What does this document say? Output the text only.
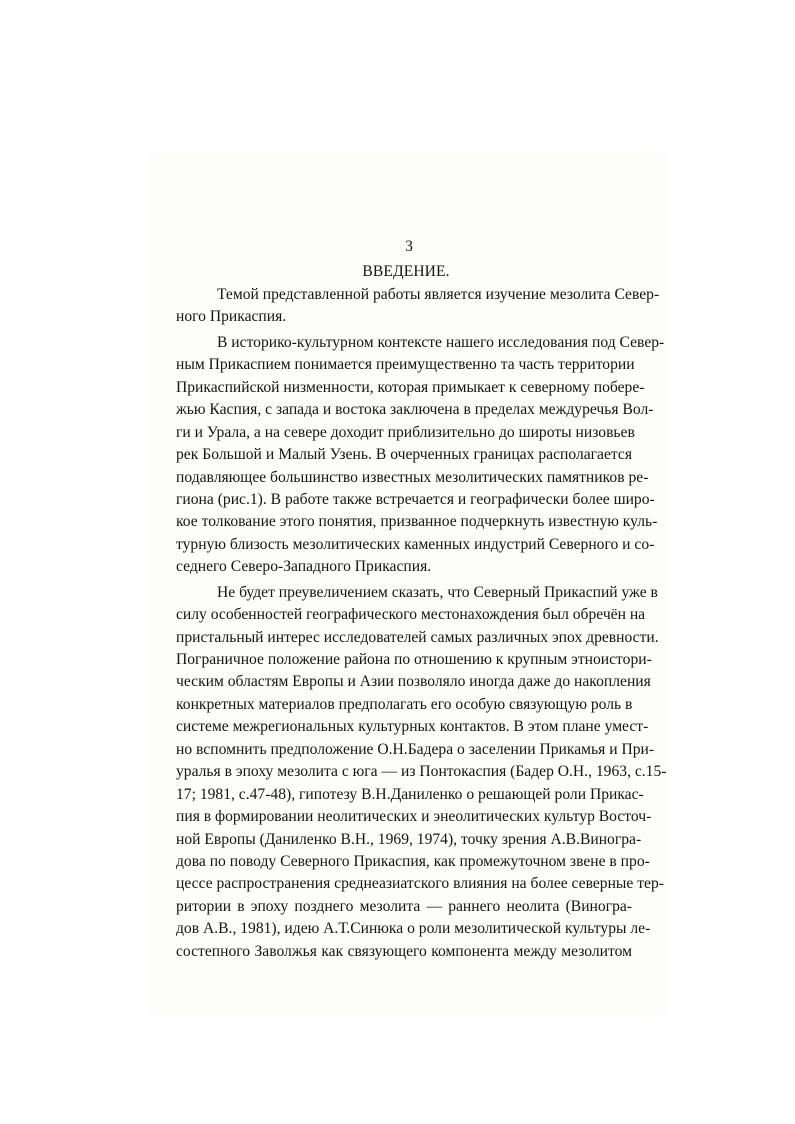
3
ВВЕДЕНИЕ.
Темой представленной работы является изучение мезолита Север-
ного Прикаспия.
В историко-культурном контексте нашего исследования под Север-
ным Прикаспием понимается преимущественно та часть территории
Прикаспийской низменности, которая примыкает к северному побере-
жью Каспия, с запада и востока заключена в пределах междуречья Вол-
ги и Урала, а на севере доходит приблизительно до широты низовьев
рек Большой и Малый Узень. В очерченных границах располагается
подавляющее большинство известных мезолитических памятников ре-
гиона (рис.1). В работе также встречается и географически более широ-
кое толкование этого понятия, призванное подчеркнуть известную куль-
турную близость мезолитических каменных индустрий Северного и со-
седнего Северо-Западного Прикаспия.
Не будет преувеличением сказать, что Северный Прикаспий уже в
силу особенностей географического местонахождения был обречён на
пристальный интерес исследователей самых различных эпох древности.
Пограничное положение района по отношению к крупным этноистори-
ческим областям Европы и Азии позволяло иногда даже до накопления
конкретных материалов предполагать его особую связующую роль в
системе межрегиональных культурных контактов. В этом плане умест-
но вспомнить предположение О.Н.Бадера о заселении Прикамья и При-
уралья в эпоху мезолита с юга — из Понтокаспия (Бадер О.Н., 1963, с.15-
17; 1981, с.47-48), гипотезу В.Н.Даниленко о решающей роли Прикас-
пия в формировании неолитических и энеолитических культур Восточ-
ной Европы (Даниленко В.Н., 1969, 1974), точку зрения А.В.Виногра-
дова по поводу Северного Прикаспия, как промежуточном звене в про-
цессе распространения среднеазиатского влияния на более северные тер-
ритории в эпоху позднего мезолита — раннего неолита (Виногра-
дов А.В., 1981), идею А.Т.Синюка о роли мезолитической культуры ле-
состепного Заволжья как связующего компонента между мезолитом
